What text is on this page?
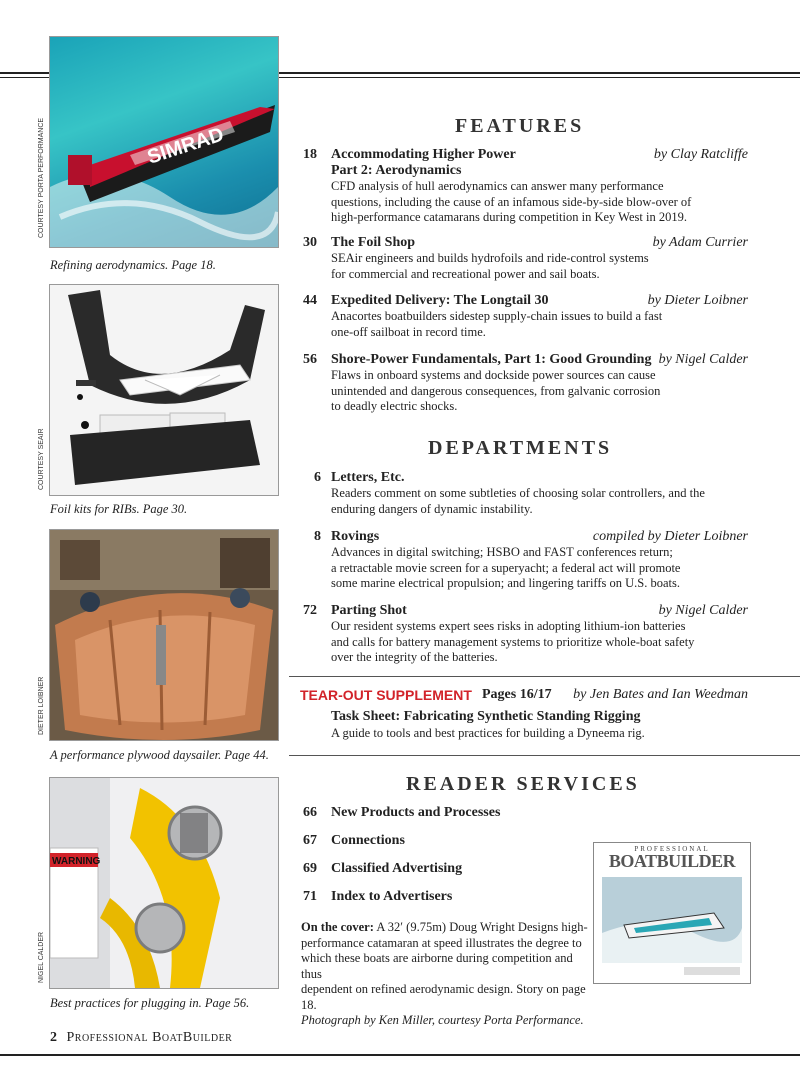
SIMRAD
COURTESY PORTA PERFORMANCE
Refining aerodynamics. Page 18.
COURTESY SEAIR
Foil kits for RIBs. Page 30.
DIETER LOIBNER
A performance plywood daysailer. Page 44.
WARNING
NIGEL CALDER
Best practices for plugging in. Page 56.
FEATURES
18	Accommodating Higher Power	by Clay Ratcliffe
Part 2: Aerodynamics
CFD analysis of hull aerodynamics can answer many performance
questions, including the cause of an infamous side-by-side blow-over of
high-performance catamarans during competition in Key West in 2019.
30	The Foil Shop	by Adam Currier
SEAir engineers and builds hydrofoils and ride-control systems
for commercial and recreational power and sail boats.
44	Expedited Delivery: The Longtail 30	by Dieter Loibner
Anacortes boatbuilders sidestep supply-chain issues to build a fast
one-off sailboat in record time.
56	Shore-Power Fundamentals, Part 1: Good Grounding by Nigel Calder
Flaws in onboard systems and dockside power sources can cause
unintended and dangerous consequences, from galvanic corrosion
to deadly electric shocks.
DEPARTMENTS
6 Letters, Etc.
Readers comment on some subtleties of choosing solar controllers, and the
enduring dangers of dynamic instability.
8 Rovings	compiled by Dieter Loibner
Advances in digital switching; HSBO and FAST conferences return;
a retractable movie screen for a superyacht; a federal act will promote
some marine electrical propulsion; and lingering tariffs on U.S. boats.
72	Parting Shot	by Nigel Calder
Our resident systems expert sees risks in adopting lithium-ion batteries
and calls for battery management systems to prioritize whole-boat safety
over the integrity of the batteries.
TEAR-OUT SUPPLEMENT Pages 16/17 by Jen Bates and Ian Weedman
Task Sheet: Fabricating Synthetic Standing Rigging
A guide to tools and best practices for building a Dyneema rig.
READER SERVICES
66 New Products and Processes
67 Connections
69 Classified Advertising
71 Index to Advertisers
PROFESSIONAL
BOATBUILDER
On the cover: A 32′ (9.75m) Doug Wright Designs high-
performance catamaran at speed illustrates the degree to
which these boats are airborne during competition and thus
dependent on refined aerodynamic design. Story on page 18.
Photograph by Ken Miller, courtesy Porta Performance.
2 Professional BoatBuilder
